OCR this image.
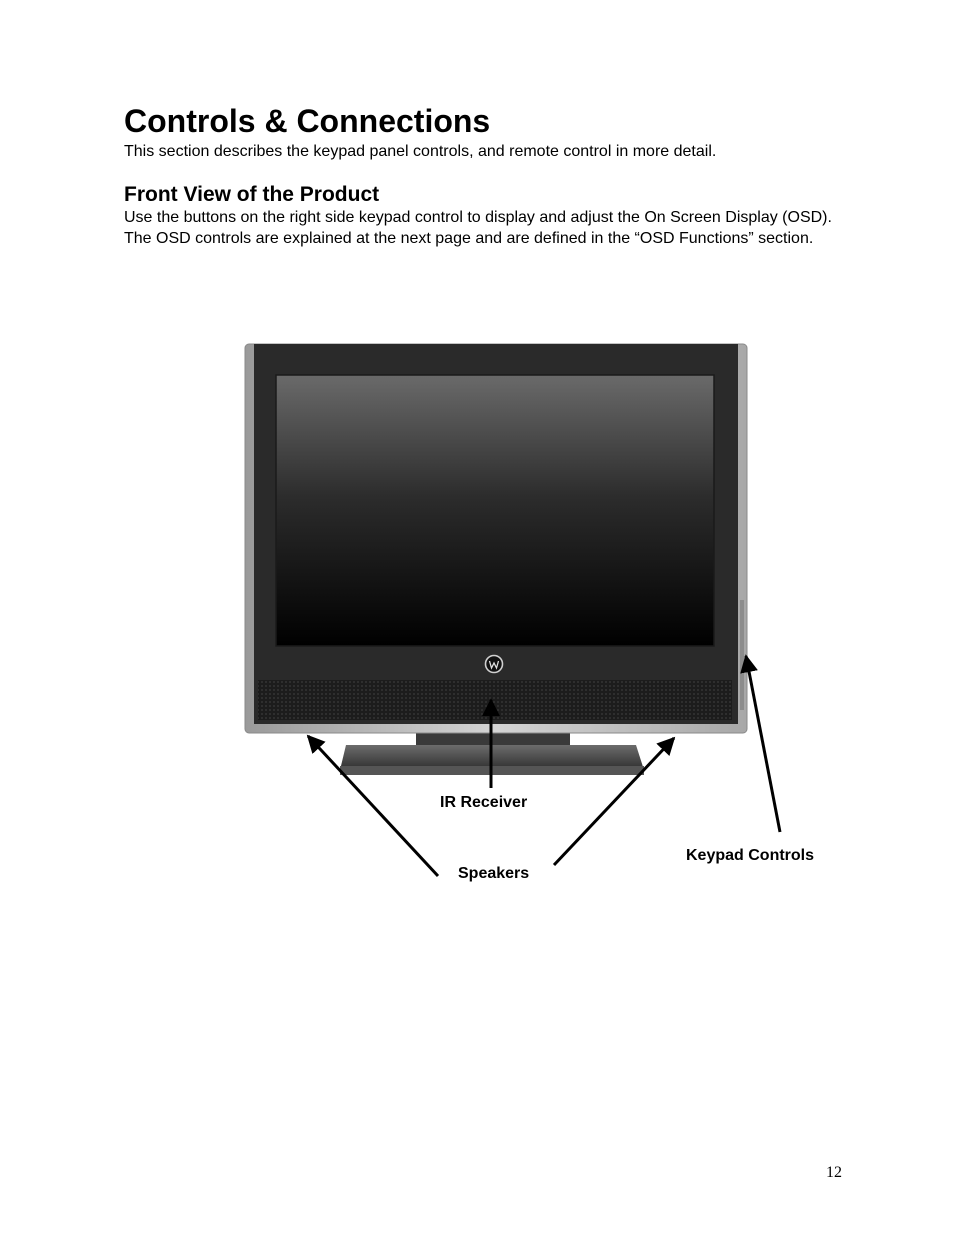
Controls & Connections

This section describes the keypad panel controls, and remote control in more detail.

Front View of the Product

Use the buttons on the right side keypad control to display and adjust the On Screen Display (OSD). The OSD controls are explained at the next page and are defined in the “OSD Functions” section.

IR Receiver

Speakers

Keypad Controls

12
